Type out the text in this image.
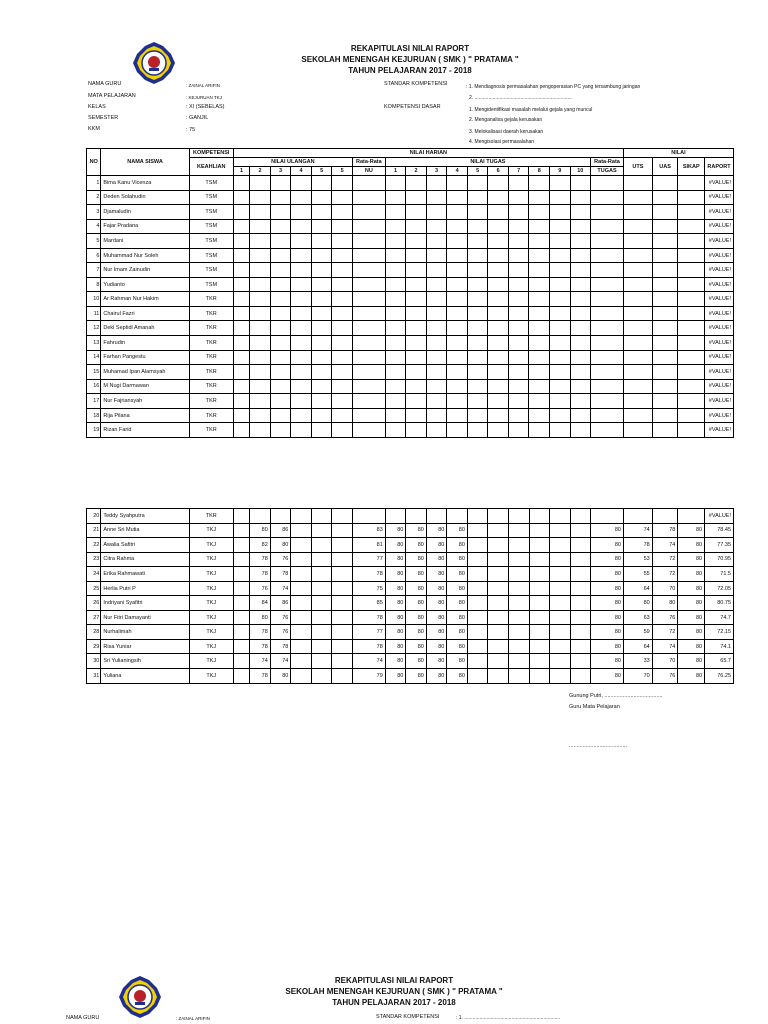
REKAPITULASI NILAI RAPORT
SEKOLAH MENENGAH KEJURUAN ( SMK ) " PRATAMA "
TAHUN PELAJARAN 2017 - 2018
NAMA GURU	: ZAINAL ARIFIN
MATA PELAJARAN	: KEJURUAN TKJ
KELAS	: XI (SEBELAS)
SEMESTER	: GANJIL
KKM	: 75
STANDAR KOMPETENSI	: 1. Mendiagnosis permasalahan pengoperasian PC yang tersambung jaringan
2. ......................................................................
KOMPETENSI DASAR	1. Mengidentifikasi masalah melalui gejala yang muncul
2. Menganalisa gejala kerusakan
3. Melokalisasi daerah kerusakan
4. Mengisolasi permasalahan
NO	NAMA SISWA	KOMPETENSI	NILAI HARIAN																		NILAI			
		KEAHLIAN	NILAI ULANGAN						Rata-Rata	NILAI TUGAS										Rata-Rata	UTS	UAS	SIKAP	RAPORT
			1	2	3	4	5	5	NU	1	2	3	4	5	6	7	8	9	10	TUGAS				
1	Bima Kanu Vicenza	TSM																						#VALUE!
2	Deden Solahudin	TSM																						#VALUE!
3	Djamaludin	TSM																						#VALUE!
4	Fajar Pradana	TSM																						#VALUE!
5	Mardani	TSM																						#VALUE!
6	Muhammad Nur Soleh	TSM																						#VALUE!
7	Nur Imam Zainudin	TSM																						#VALUE!
8	Yudianto	TSM																						#VALUE!
10	Ar Rahman Nur Hakim	TKR																						#VALUE!
11	Chairul Fazri	TKR																						#VALUE!
12	Deki Septidi Amanah	TKR																						#VALUE!
13	Fahrudin	TKR																						#VALUE!
14	Farhan Pangestu	TKR																						#VALUE!
15	Muhamad Ipan Alamsyah	TKR																						#VALUE!
16	M Nugi Darmawan	TKR																						#VALUE!
17	Nur Fajriansyah	TKR																						#VALUE!
18	Rija Pilana	TKR																						#VALUE!
19	Rizan Farid	TKR																						#VALUE!
20	Teddy Syahputra	TKR																						#VALUE!
21	Anne Sri Mutia	TKJ		80	86				83	80	80	80	80							80	74	78	80	78.45
22	Awalia Safitri	TKJ		82	80				81	80	80	80	80							80	78	74	80	77.35
23	Citra Rahma	TKJ		78	76				77	80	80	80	80							80	53	72	80	70.95
24	Erika Rahmawati	TKJ		78	78				78	80	80	80	80							80	55	72	80	71.5
25	Herlia Putri P	TKJ		76	74				75	80	80	80	80							80	64	70	80	72.05
26	Indriyani Syafitri	TKJ		84	86				85	80	80	80	80							80	80	80	80	80.75
27	Nur Fitri Damayanti	TKJ		80	76				78	80	80	80	80							80	63	76	80	74.7
28	Nurhalimah	TKJ		78	76				77	80	80	80	80							80	59	72	80	72.15
29	Risa Yuniar	TKJ		78	78				78	80	80	80	80							80	64	74	80	74.1
30	Sri Yulianingsih	TKJ		74	74				74	80	80	80	80							80	33	70	80	65.7
31	Yuliana	TKJ		78	80				79	80	80	80	80							80	70	76	80	76.25
Gunung Putri, ......................................
Guru Mata Pelajaran
......................................
REKAPITULASI NILAI RAPORT
SEKOLAH MENENGAH KEJURUAN ( SMK ) " PRATAMA "
TAHUN PELAJARAN 2017 - 2018
NAMA GURU	: ZAINAL ARIFIN	STANDAR KOMPETENSI	: 1. .....................................................................
